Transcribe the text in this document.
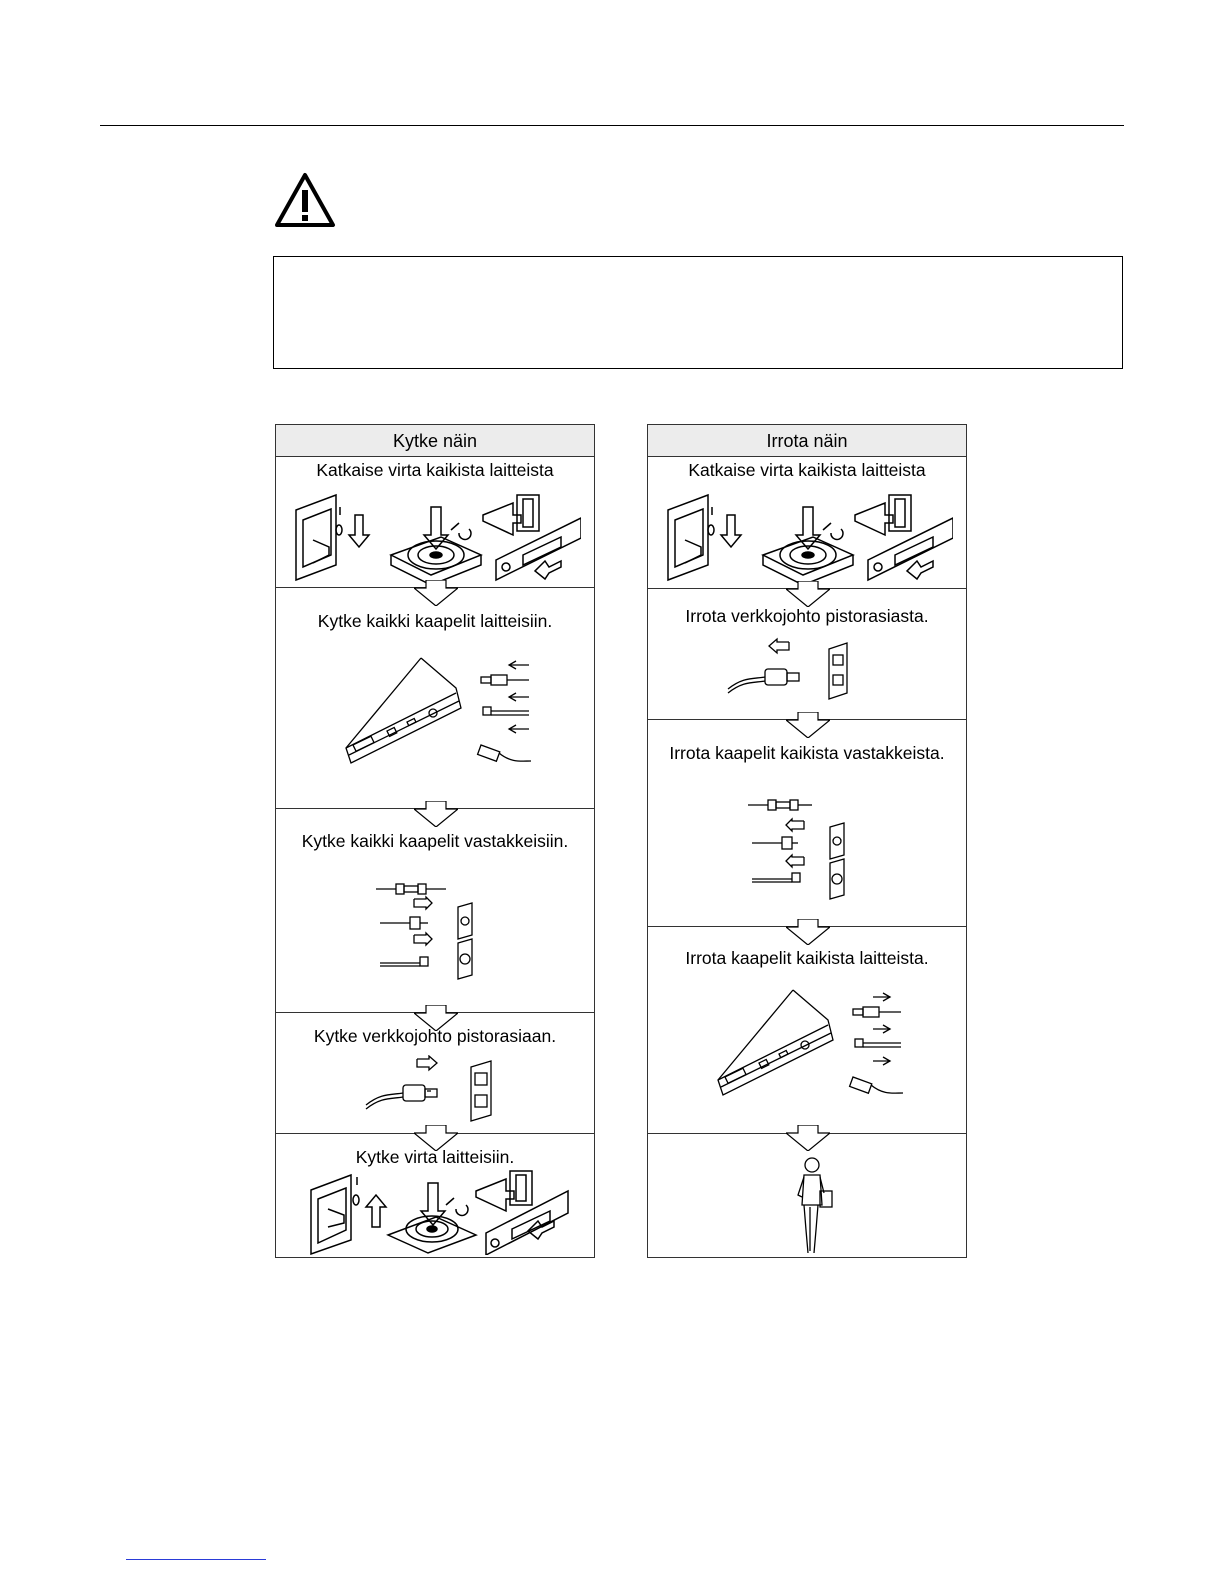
Kytke näin
Katkaise virta kaikista laitteista
Kytke kaikki kaapelit laitteisiin.
Kytke kaikki kaapelit vastakkeisiin.
Kytke verkkojohto pistorasiaan.
Kytke virta laitteisiin.
Irrota näin
Katkaise virta kaikista laitteista
Irrota verkkojohto pistorasiasta.
Irrota kaapelit kaikista vastakkeista.
Irrota kaapelit kaikista laitteista.
